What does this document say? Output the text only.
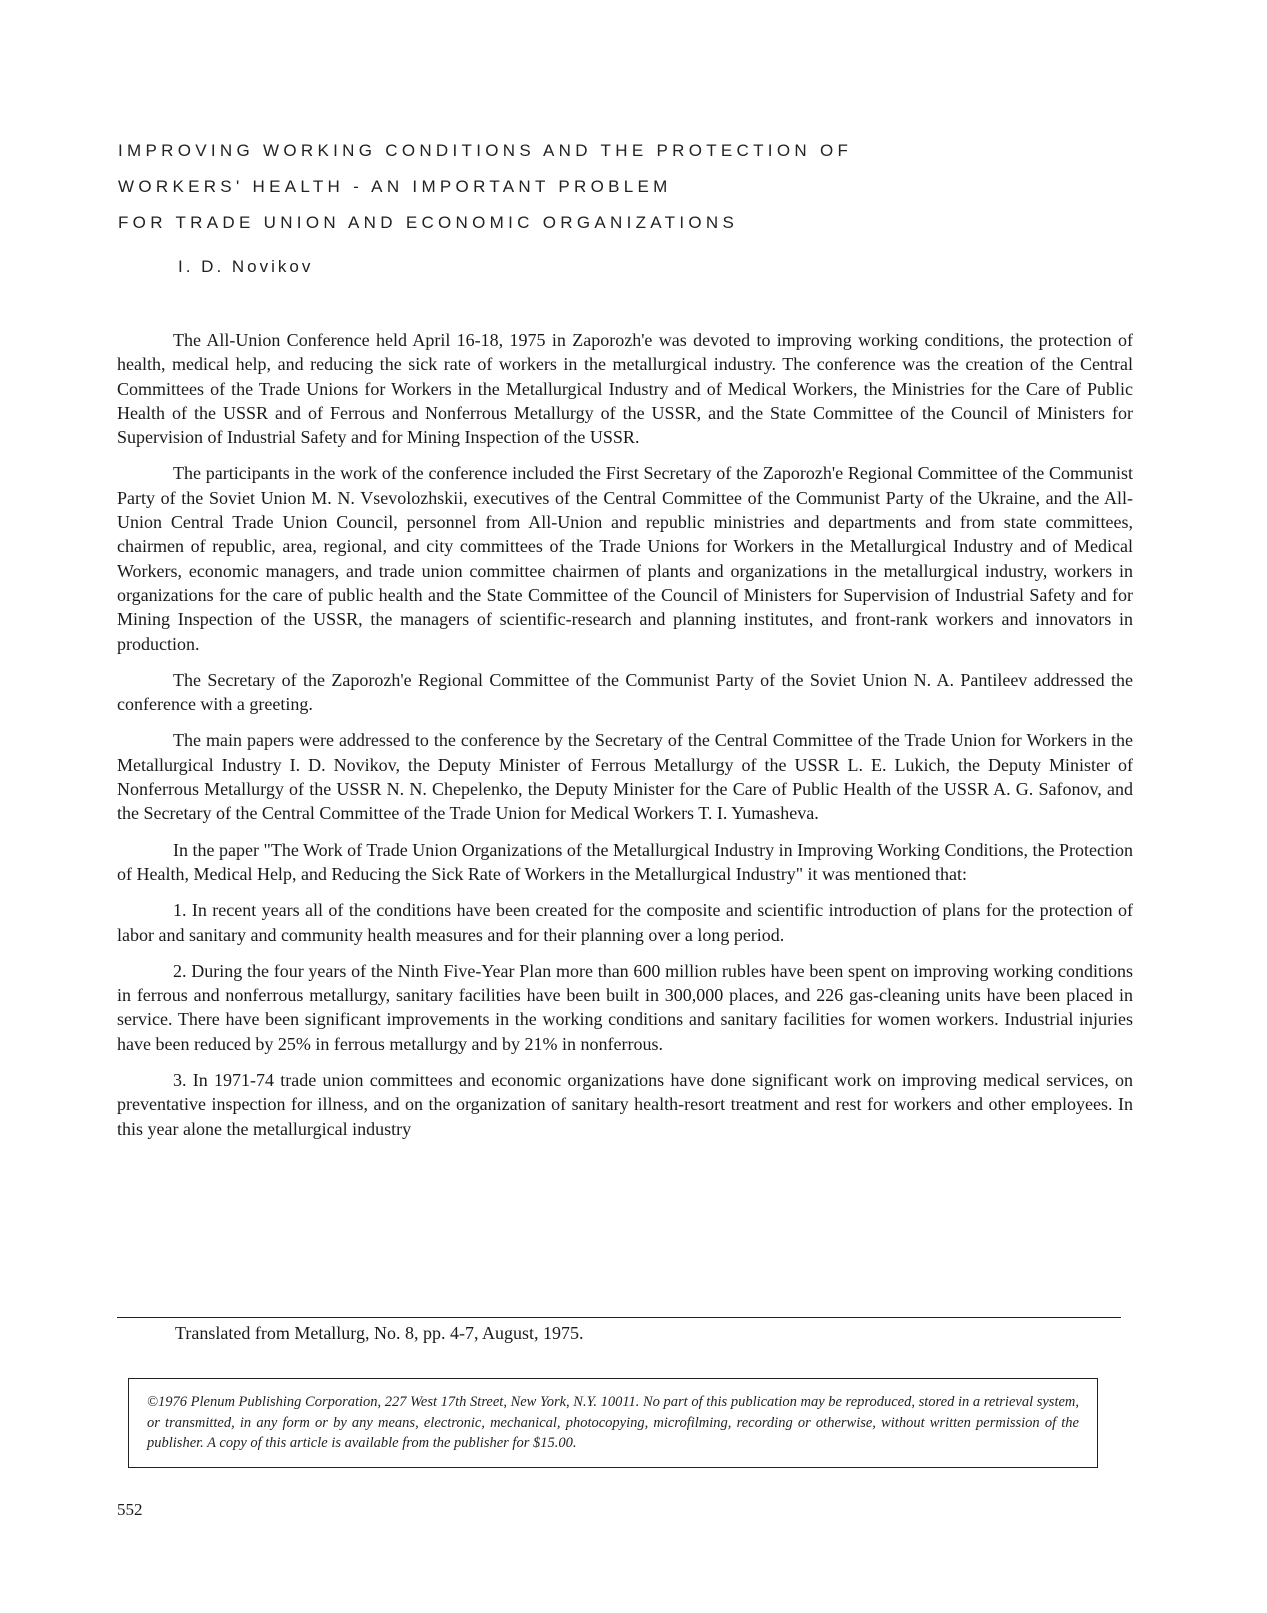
IMPROVING WORKING CONDITIONS AND THE PROTECTION OF
WORKERS' HEALTH - AN IMPORTANT PROBLEM
FOR TRADE UNION AND ECONOMIC ORGANIZATIONS
I. D. Novikov

The All-Union Conference held April 16-18, 1975 in Zaporozh'e was devoted to improving working conditions, the protection of health, medical help, and reducing the sick rate of workers in the metallurgical industry. The conference was the creation of the Central Committees of the Trade Unions for Workers in the Metallurgical Industry and of Medical Workers, the Ministries for the Care of Public Health of the USSR and of Ferrous and Nonferrous Metallurgy of the USSR, and the State Committee of the Council of Ministers for Supervision of Industrial Safety and for Mining Inspection of the USSR.

The participants in the work of the conference included the First Secretary of the Zaporozh'e Regional Committee of the Communist Party of the Soviet Union M. N. Vsevolozhskii, executives of the Central Committee of the Communist Party of the Ukraine, and the All-Union Central Trade Union Council, personnel from All-Union and republic ministries and departments and from state committees, chairmen of republic, area, regional, and city committees of the Trade Unions for Workers in the Metallurgical Industry and of Medical Workers, economic managers, and trade union committee chairmen of plants and organizations in the metallurgical industry, workers in organizations for the care of public health and the State Committee of the Council of Ministers for Supervision of Industrial Safety and for Mining Inspection of the USSR, the managers of scientific-research and planning institutes, and front-rank workers and innovators in production.

The Secretary of the Zaporozh'e Regional Committee of the Communist Party of the Soviet Union N. A. Pantileev addressed the conference with a greeting.

The main papers were addressed to the conference by the Secretary of the Central Committee of the Trade Union for Workers in the Metallurgical Industry I. D. Novikov, the Deputy Minister of Ferrous Metallurgy of the USSR L. E. Lukich, the Deputy Minister of Nonferrous Metallurgy of the USSR N. N. Chepelenko, the Deputy Minister for the Care of Public Health of the USSR A. G. Safonov, and the Secretary of the Central Committee of the Trade Union for Medical Workers T. I. Yumasheva.

In the paper "The Work of Trade Union Organizations of the Metallurgical Industry in Improving Working Conditions, the Protection of Health, Medical Help, and Reducing the Sick Rate of Workers in the Metallurgical Industry" it was mentioned that:

1. In recent years all of the conditions have been created for the composite and scientific introduction of plans for the protection of labor and sanitary and community health measures and for their planning over a long period.

2. During the four years of the Ninth Five-Year Plan more than 600 million rubles have been spent on improving working conditions in ferrous and nonferrous metallurgy, sanitary facilities have been built in 300,000 places, and 226 gas-cleaning units have been placed in service. There have been significant improvements in the working conditions and sanitary facilities for women workers. Industrial injuries have been reduced by 25% in ferrous metallurgy and by 21% in nonferrous.

3. In 1971-74 trade union committees and economic organizations have done significant work on improving medical services, on preventative inspection for illness, and on the organization of sanitary health-resort treatment and rest for workers and other employees. In this year alone the metallurgical industry

Translated from Metallurg, No. 8, pp. 4-7, August, 1975.
©1976 Plenum Publishing Corporation, 227 West 17th Street, New York, N.Y. 10011. No part of this publication may be reproduced, stored in a retrieval system, or transmitted, in any form or by any means, electronic, mechanical, photocopying, microfilming, recording or otherwise, without written permission of the publisher. A copy of this article is available from the publisher for $15.00.
552
